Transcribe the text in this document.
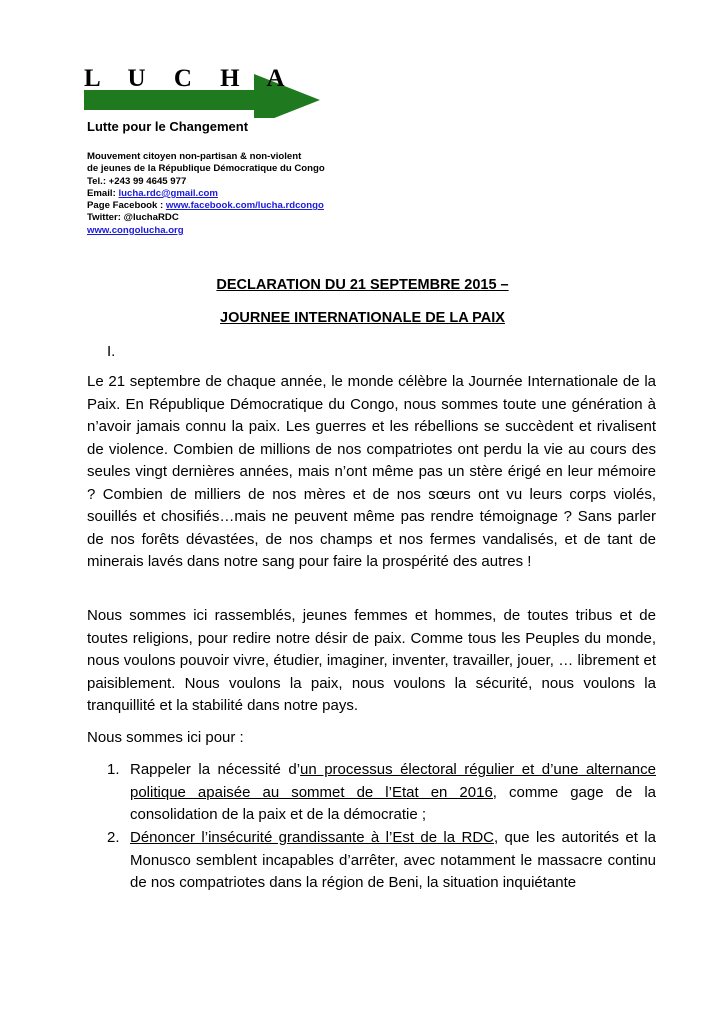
L U C H A
Lutte pour le Changement
Mouvement citoyen non-partisan & non-violent
de jeunes de la République Démocratique du Congo
Tel.: +243 99 4645 977
Email: lucha.rdc@gmail.com
Page Facebook : www.facebook.com/lucha.rdcongo
Twitter: @luchaRDC
www.congolucha.org
DECLARATION DU 21 SEPTEMBRE 2015 –
JOURNEE INTERNATIONALE DE LA PAIX
I.
Le 21 septembre de chaque année, le monde célèbre la Journée Internationale de la Paix. En République Démocratique du Congo, nous sommes toute une génération à n’avoir jamais connu la paix. Les guerres et les rébellions se succèdent et rivalisent de violence. Combien de millions de nos compatriotes ont perdu la vie au cours des seules vingt dernières années, mais n’ont même pas un stère érigé en leur mémoire ? Combien de milliers de nos mères et de nos sœurs ont vu leurs corps violés, souillés et chosifiés…mais ne peuvent même pas rendre témoignage ? Sans parler de nos forêts dévastées, de nos champs et nos fermes vandalisés, et de tant de minerais lavés dans notre sang pour faire la prospérité des autres !
Nous sommes ici rassemblés, jeunes femmes et hommes, de toutes tribus et de toutes religions, pour redire notre désir de paix. Comme tous les Peuples du monde, nous voulons pouvoir vivre, étudier, imaginer, inventer, travailler, jouer, … librement et paisiblement. Nous voulons la paix, nous voulons la sécurité, nous voulons la tranquillité et la stabilité dans notre pays.
Nous sommes ici pour :
1. Rappeler la nécessité d’un processus électoral régulier et d’une alternance politique apaisée au sommet de l’Etat en 2016, comme gage de la consolidation de la paix et de la démocratie ;
2. Dénoncer l’insécurité grandissante à l’Est de la RDC, que les autorités et la Monusco semblent incapables d’arrêter, avec notamment le massacre continu de nos compatriotes dans la région de Beni, la situation inquiétante
